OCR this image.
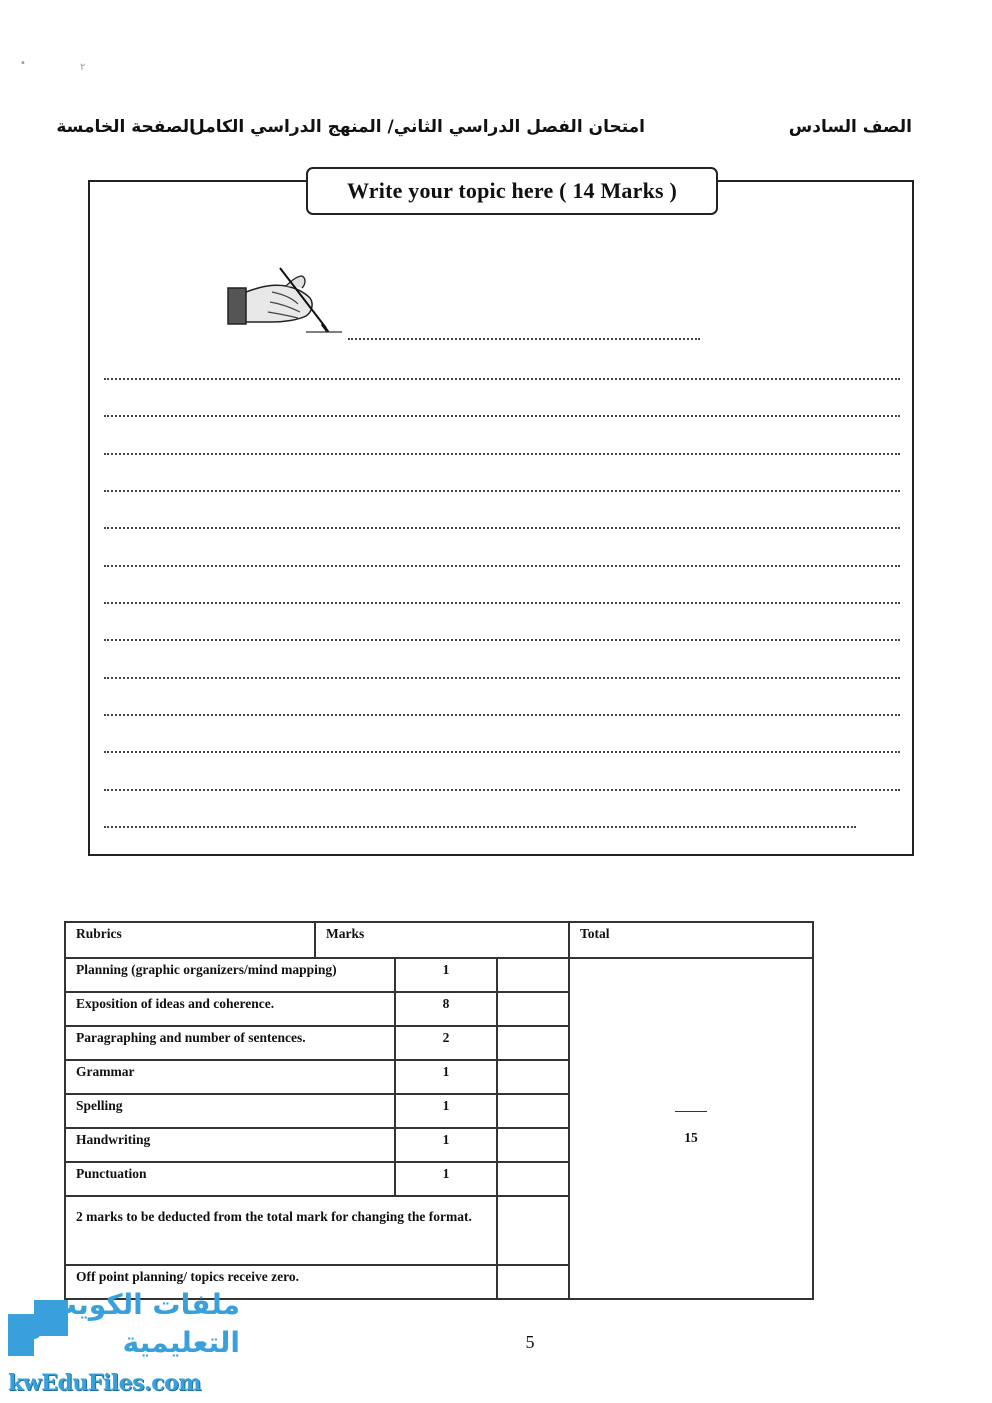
•	٢
الصف السادس
امتحان الفصل الدراسي الثاني/ المنهج الدراسي الكامل
الصفحة الخامسة
Write your topic here ( 14 Marks )
Rubrics	Marks			Total
Planning (graphic organizers/mind mapping)		1		15

Exposition of ideas and coherence.		8		
Paragraphing and number of sentences.		2		
Grammar		1		
Spelling		1		
Handwriting		1		
Punctuation		1		

2 marks to be deducted from the total mark for changing the format.				

Off point planning/ topics receive zero.				
5
ملفات الكويت
التعليمية
kwEduFiles.com
